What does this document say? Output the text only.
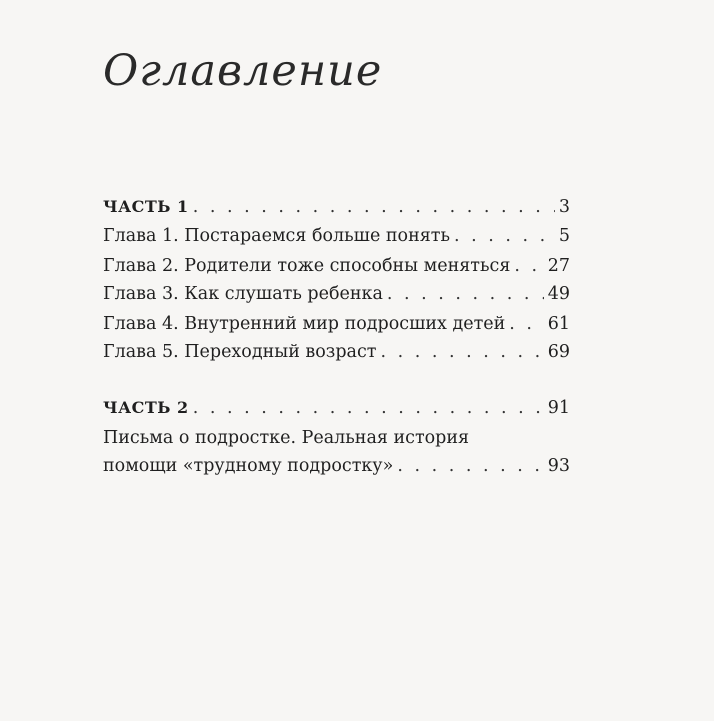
Оглавление
ЧАСТЬ 1 . . .	3
Глава 1. Постараемся больше понять . . .	5
Глава 2. Родители тоже способны меняться . . . 27
Глава 3. Как слушать ребенка . . .	49
Глава 4. Внутренний мир подросших детей . . . 61
Глава 5. Переходный возраст . . .	69
ЧАСТЬ 2 . . .	91
Письма о подростке. Реальная история
помощи «трудному подростку» . . .	93
